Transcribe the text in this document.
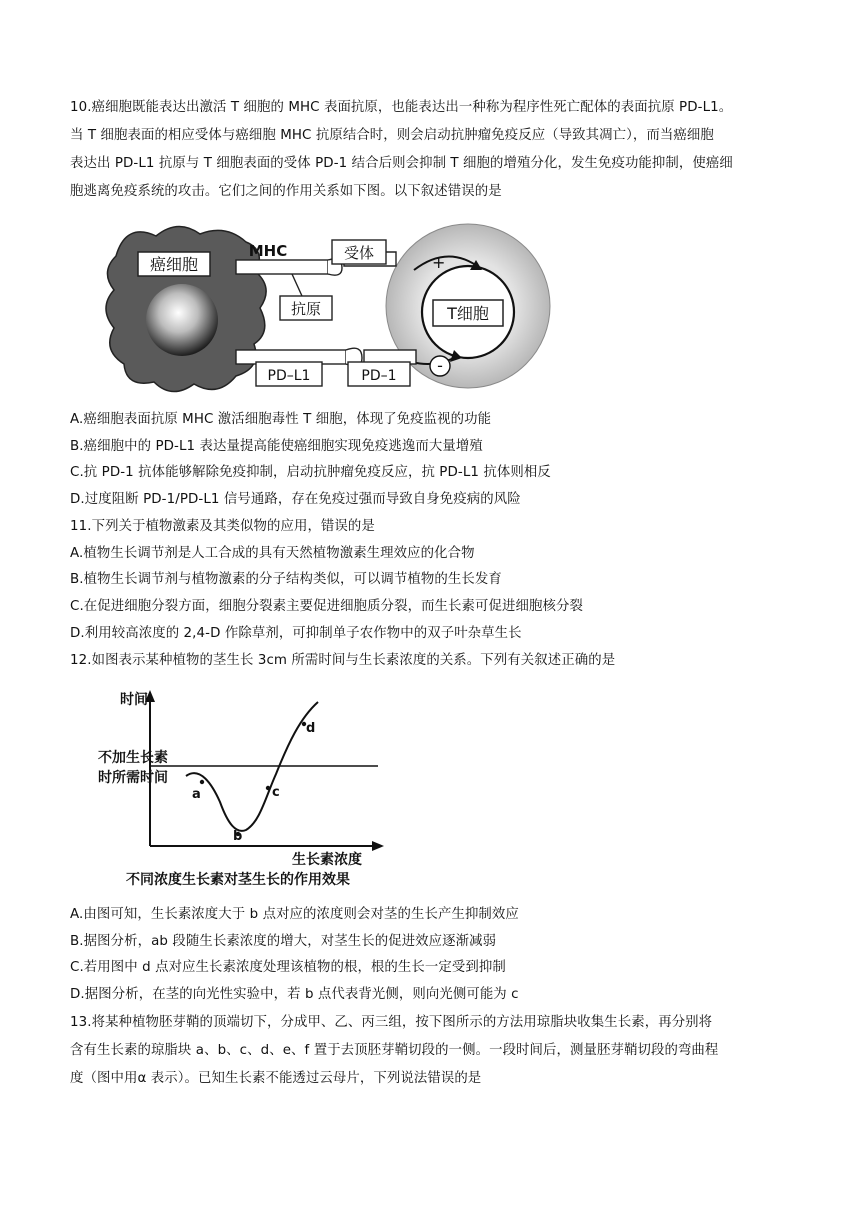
10.癌细胞既能表达出激活 T 细胞的 MHC 表面抗原，也能表达出一种称为程序性死亡配体的表面抗原 PD-L1。
当 T 细胞表面的相应受体与癌细胞 MHC 抗原结合时，则会启动抗肿瘤免疫反应（导致其凋亡），而当癌细胞
表达出 PD-L1 抗原与 T 细胞表面的受体 PD-1 结合后则会抑制 T 细胞的增殖分化，发生免疫功能抑制，使癌细
胞逃离免疫系统的攻击。它们之间的作用关系如下图。以下叙述错误的是
癌细胞
T细胞
+
-
MHC	受体
抗原
PD–L1	PD–1
A.癌细胞表面抗原 MHC 激活细胞毒性 T 细胞，体现了免疫监视的功能
B.癌细胞中的 PD-L1 表达量提高能使癌细胞实现免疫逃逸而大量增殖
C.抗 PD-1 抗体能够解除免疫抑制，启动抗肿瘤免疫反应，抗 PD-L1 抗体则相反
D.过度阻断 PD-1/PD-L1 信号通路，存在免疫过强而导致自身免疫病的风险
11.下列关于植物激素及其类似物的应用，错误的是
A.植物生长调节剂是人工合成的具有天然植物激素生理效应的化合物
B.植物生长调节剂与植物激素的分子结构类似，可以调节植物的生长发育
C.在促进细胞分裂方面，细胞分裂素主要促进细胞质分裂，而生长素可促进细胞核分裂
D.利用较高浓度的 2,4-D 作除草剂，可抑制单子农作物中的双子叶杂草生长
12.如图表示某种植物的茎生长 3cm 所需时间与生长素浓度的关系。下列有关叙述正确的是
时间
不加生长素
时所需时间
a
b
c
d
生长素浓度
不同浓度生长素对茎生长的作用效果
A.由图可知，生长素浓度大于 b 点对应的浓度则会对茎的生长产生抑制效应
B.据图分析，ab 段随生长素浓度的增大，对茎生长的促进效应逐渐减弱
C.若用图中 d 点对应生长素浓度处理该植物的根，根的生长一定受到抑制
D.据图分析，在茎的向光性实验中，若 b 点代表背光侧，则向光侧可能为 c
13.将某种植物胚芽鞘的顶端切下，分成甲、乙、丙三组，按下图所示的方法用琼脂块收集生长素，再分别将
含有生长素的琼脂块 a、b、c、d、e、f 置于去顶胚芽鞘切段的一侧。一段时间后，测量胚芽鞘切段的弯曲程
度（图中用α 表示）。已知生长素不能透过云母片，下列说法错误的是
